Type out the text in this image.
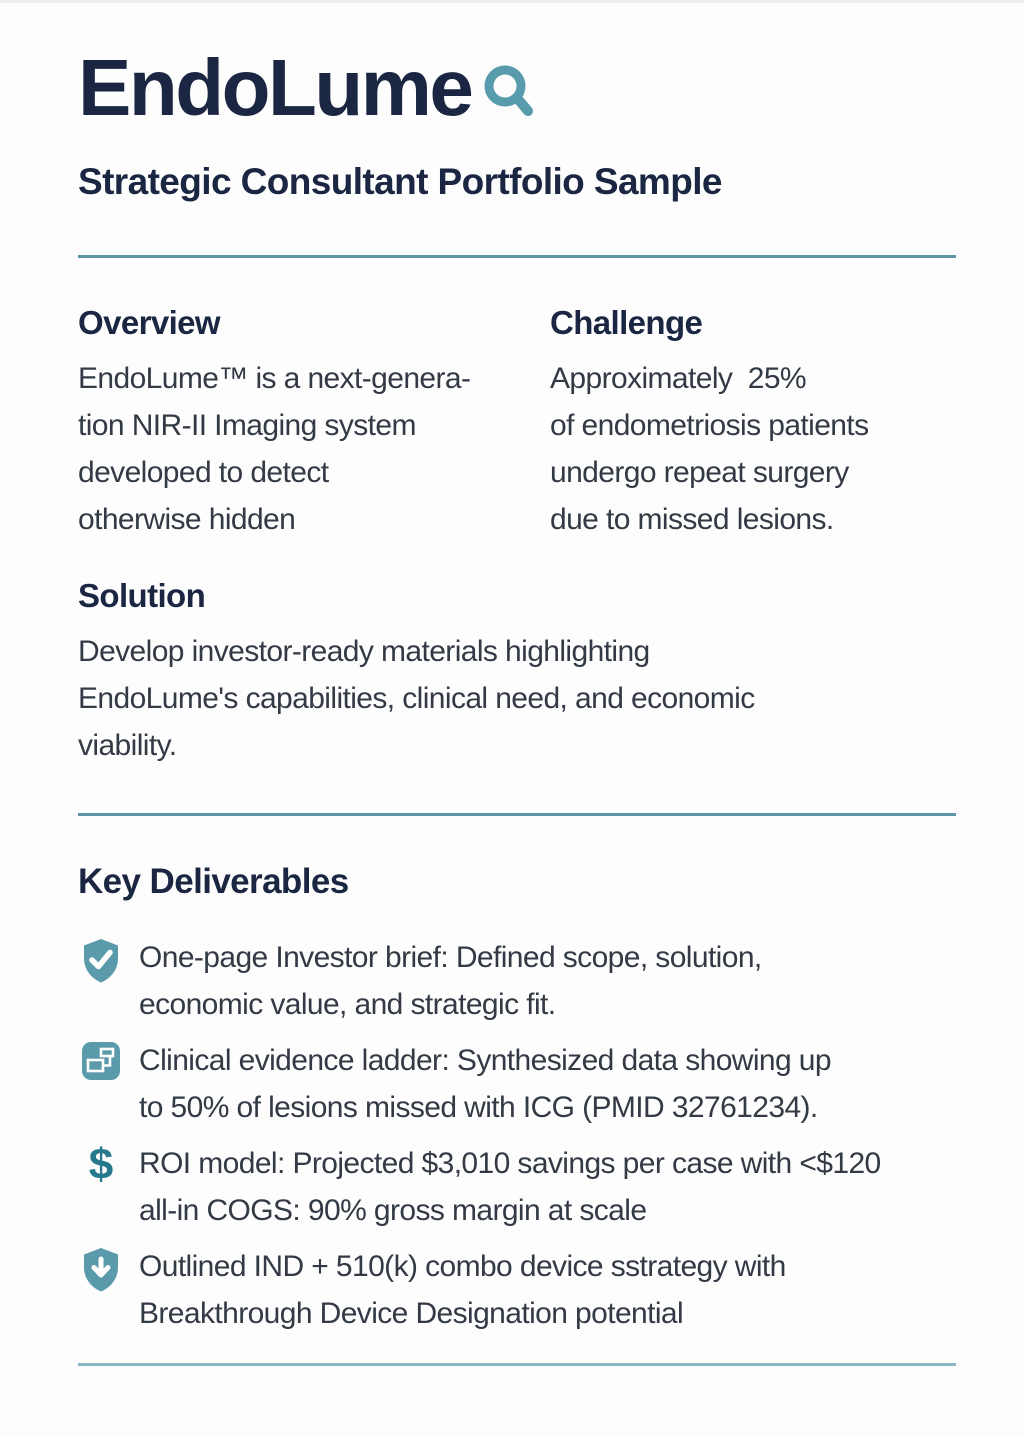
EndoLume
Strategic Consultant Portfolio Sample
Overview
EndoLume™ is a next-genera-
tion NIR-II Imaging system
developed to detect
otherwise hidden
Challenge
Approximately  25%
of endometriosis patients
undergo repeat surgery
due to missed lesions.
Solution
Develop investor-ready materials highlighting
EndoLume's capabilities, clinical need, and economic
viability.
Key Deliverables
One-page Investor brief: Defined scope, solution,
economic value, and strategic fit.
Clinical evidence ladder: Synthesized data showing up
to 50% of lesions missed with ICG (PMID 32761234).
$ ROI model: Projected $3,010 savings per case with <$120
all-in COGS: 90% gross margin at scale
Outlined IND + 510(k) combo device sstrategy with
Breakthrough Device Designation potential
